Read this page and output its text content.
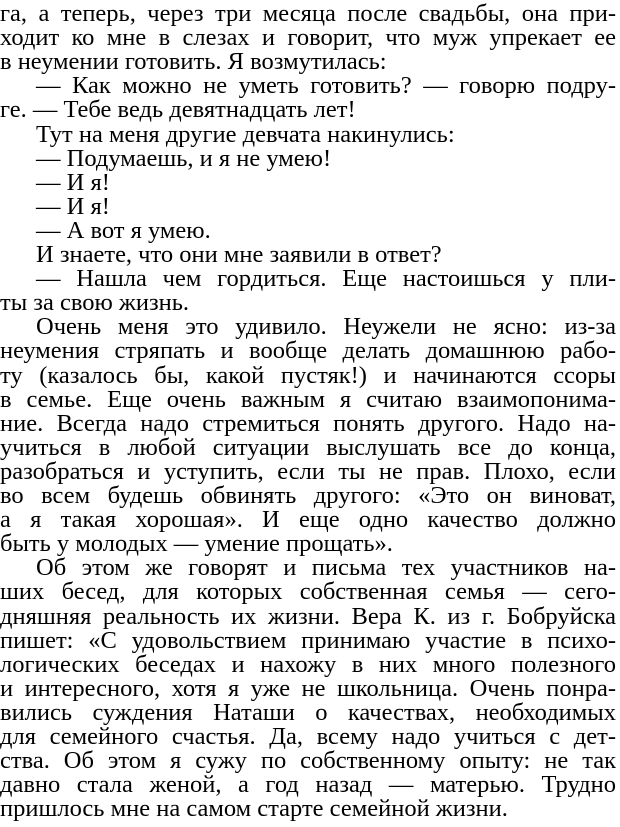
га, а теперь, через три месяца после свадьбы, она при-
ходит ко мне в слезах и говорит, что муж упрекает ее
в неумении готовить. Я возмутилась:
— Как можно не уметь готовить? — говорю подру-
ге. — Тебе ведь девятнадцать лет!
Тут на меня другие девчата накинулись:
— Подумаешь, и я не умею!
— И я!
— И я!
— А вот я умею.
И знаете, что они мне заявили в ответ?
— Нашла чем гордиться. Еще настоишься у пли-
ты за свою жизнь.
Очень меня это удивило. Неужели не ясно: из-за
неумения стряпать и вообще делать домашнюю рабо-
ту (казалось бы, какой пустяк!) и начинаются ссоры
в семье. Еще очень важным я считаю взаимопонима-
ние. Всегда надо стремиться понять другого. Надо на-
учиться в любой ситуации выслушать все до конца,
разобраться и уступить, если ты не прав. Плохо, если
во всем будешь обвинять другого: «Это он виноват,
а я такая хорошая». И еще одно качество должно
быть у молодых — умение прощать».
Об этом же говорят и письма тех участников на-
ших бесед, для которых собственная семья — сего-
дняшняя реальность их жизни. Вера К. из г. Бобруйска
пишет: «С удовольствием принимаю участие в психо-
логических беседах и нахожу в них много полезного
и интересного, хотя я уже не школьница. Очень понра-
вились суждения Наташи о качествах, необходимых
для семейного счастья. Да, всему надо учиться с дет-
ства. Об этом я сужу по собственному опыту: не так
давно стала женой, а год назад — матерью. Трудно
пришлось мне на самом старте семейной жизни.
